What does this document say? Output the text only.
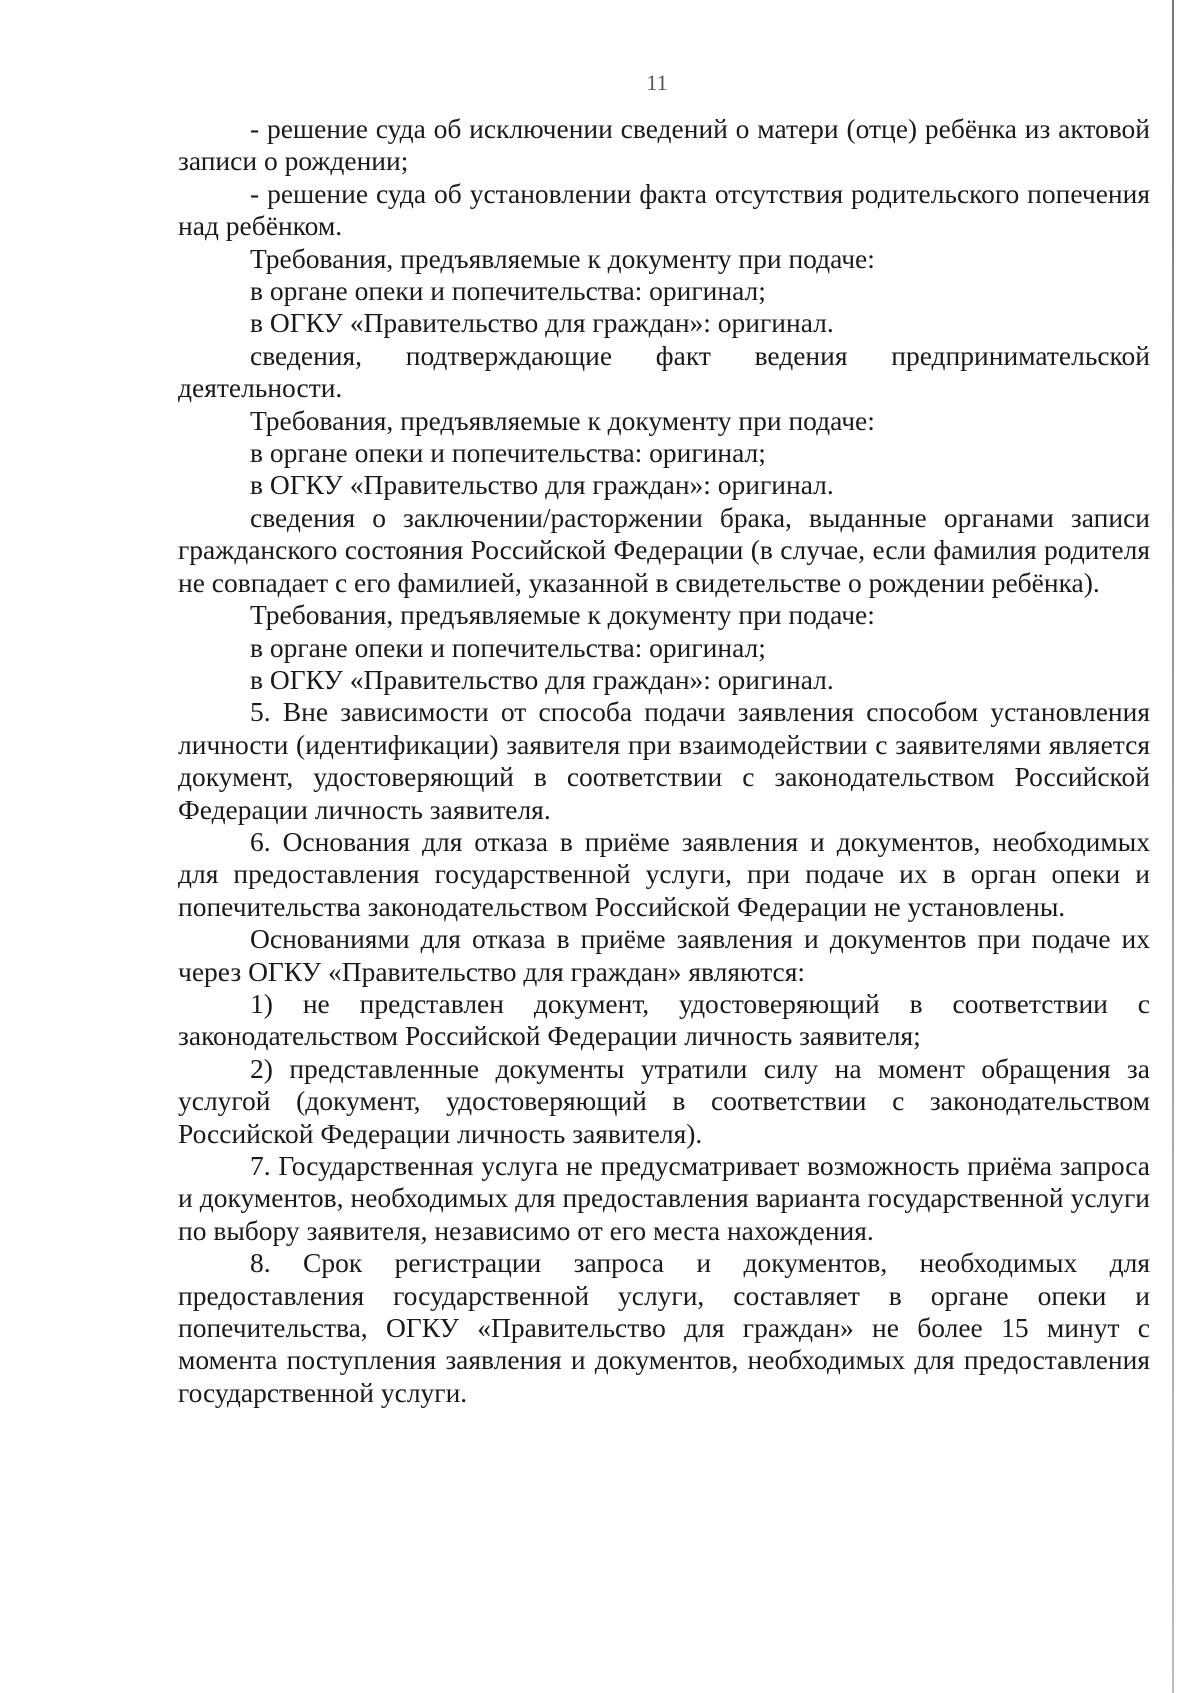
11

- решение суда об исключении сведений о матери (отце) ребёнка из актовой записи о рождении;

- решение суда об установлении факта отсутствия родительского попечения над ребёнком.

Требования, предъявляемые к документу при подаче:

в органе опеки и попечительства: оригинал;

в ОГКУ «Правительство для граждан»: оригинал.

сведения, подтверждающие факт ведения предпринимательской деятельности.

Требования, предъявляемые к документу при подаче:

в органе опеки и попечительства: оригинал;

в ОГКУ «Правительство для граждан»: оригинал.

сведения о заключении/расторжении брака, выданные органами записи гражданского состояния Российской Федерации (в случае, если фамилия родителя не совпадает с его фамилией, указанной в свидетельстве о рождении ребёнка).

Требования, предъявляемые к документу при подаче:

в органе опеки и попечительства: оригинал;

в ОГКУ «Правительство для граждан»: оригинал.

5. Вне зависимости от способа подачи заявления способом установления личности (идентификации) заявителя при взаимодействии с заявителями является документ, удостоверяющий в соответствии с законодательством Российской Федерации личность заявителя.

6. Основания для отказа в приёме заявления и документов, необходимых для предоставления государственной услуги, при подаче их в орган опеки и попечительства законодательством Российской Федерации не установлены.

Основаниями для отказа в приёме заявления и документов при подаче их через ОГКУ «Правительство для граждан» являются:

1) не представлен документ, удостоверяющий в соответствии с законодательством Российской Федерации личность заявителя;

2) представленные документы утратили силу на момент обращения за услугой (документ, удостоверяющий в соответствии с законодательством Российской Федерации личность заявителя).

7. Государственная услуга не предусматривает возможность приёма запроса и документов, необходимых для предоставления варианта государственной услуги по выбору заявителя, независимо от его места нахождения.

8. Срок регистрации запроса и документов, необходимых для предоставления государственной услуги, составляет в органе опеки и попечительства, ОГКУ «Правительство для граждан» не более 15 минут с момента поступления заявления и документов, необходимых для предоставления государственной услуги.
